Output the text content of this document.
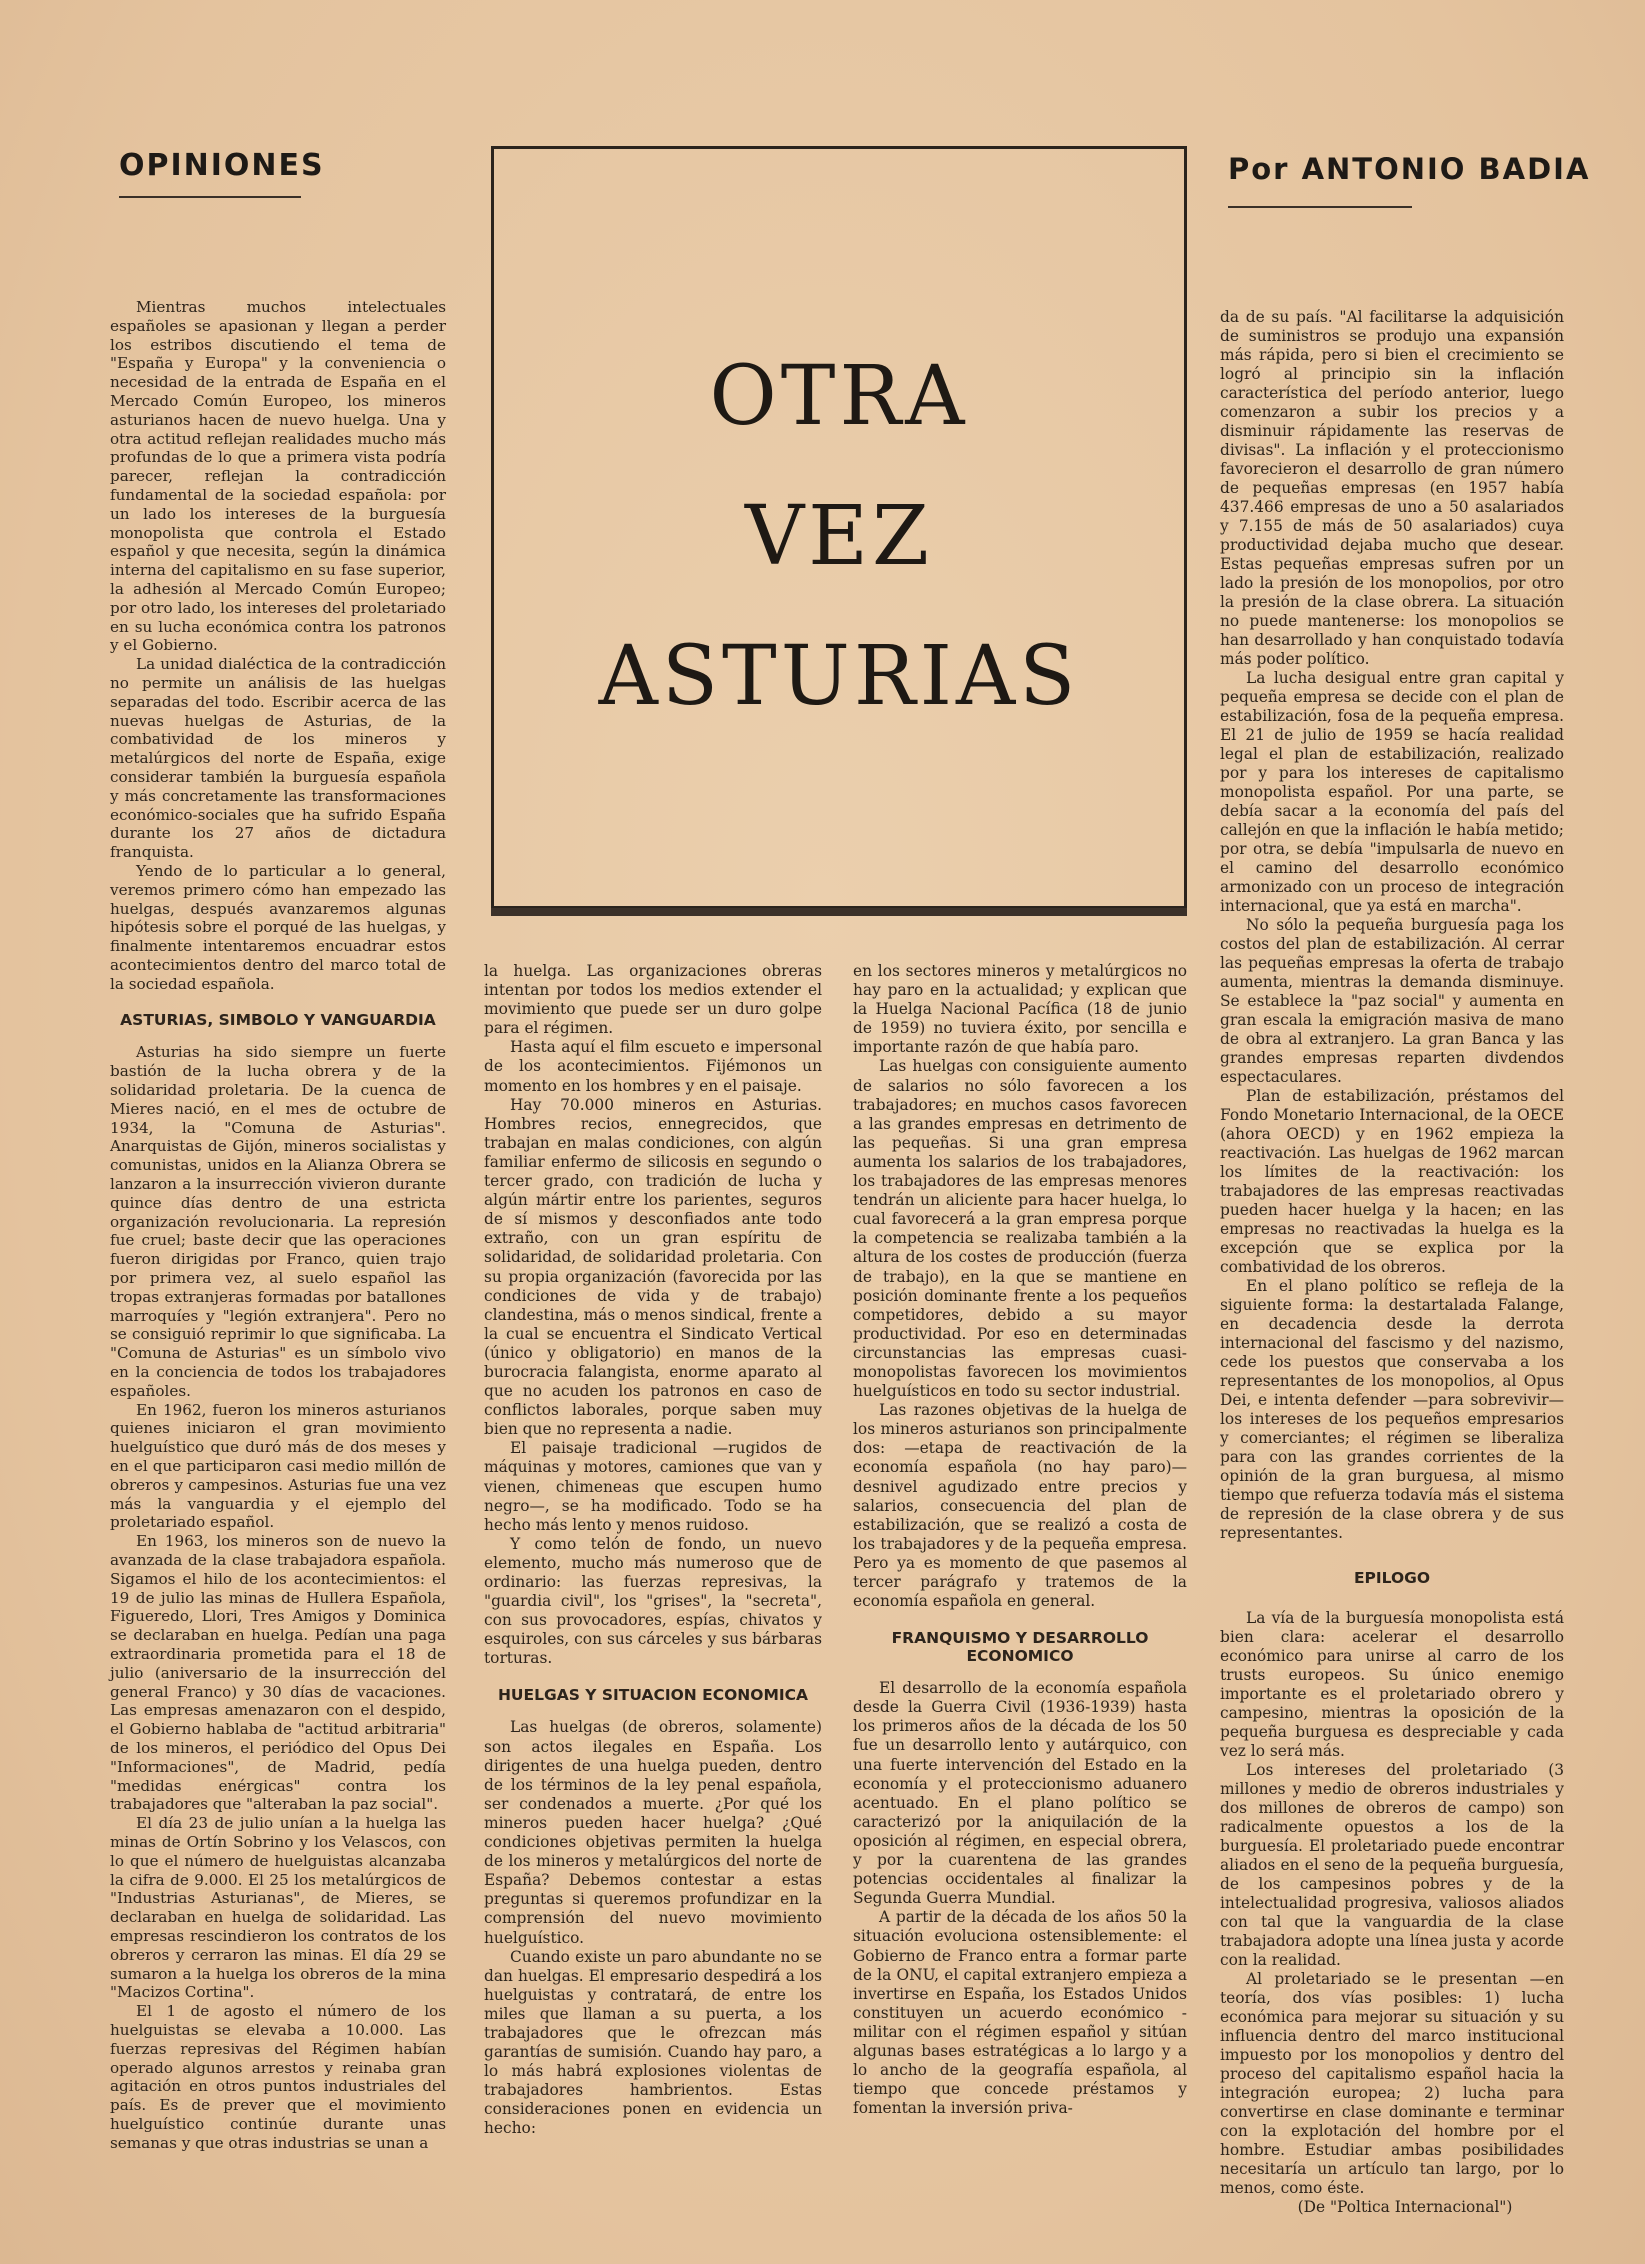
OPINIONES	Por ANTONIO BADIA
OTRA
VEZ
ASTURIAS

Mientras muchos intelectuales españoles se apasionan y llegan a perder los estribos discutiendo el tema de "España y Europa" y la conveniencia o necesidad de la entrada de España en el Mercado Común Europeo, los mineros asturianos hacen de nuevo huelga. Una y otra actitud reflejan realidades mucho más profundas de lo que a primera vista podría parecer, reflejan la contradicción fundamental de la sociedad española: por un lado los intereses de la burguesía monopolista que controla el Estado español y que necesita, según la dinámica interna del capitalismo en su fase superior, la adhesión al Mercado Común Europeo; por otro lado, los intereses del proletariado en su lucha económica contra los patronos y el Gobierno.

La unidad dialéctica de la contradicción no permite un análisis de las huelgas separadas del todo. Escribir acerca de las nuevas huelgas de Asturias, de la combatividad de los mineros y metalúrgicos del norte de España, exige considerar también la burguesía española y más concretamente las transformaciones económico-sociales que ha sufrido España durante los 27 años de dictadura franquista.

Yendo de lo particular a lo general, veremos primero cómo han empezado las huelgas, después avanzaremos algunas hipótesis sobre el porqué de las huelgas, y finalmente intentaremos encuadrar estos acontecimientos dentro del marco total de la sociedad española.

ASTURIAS, SIMBOLO Y VANGUARDIA

Asturias ha sido siempre un fuerte bastión de la lucha obrera y de la solidaridad proletaria. De la cuenca de Mieres nació, en el mes de octubre de 1934, la "Comuna de Asturias". Anarquistas de Gijón, mineros socialistas y comunistas, unidos en la Alianza Obrera se lanzaron a la insurrección vivieron durante quince días dentro de una estricta organización revolucionaria. La represión fue cruel; baste decir que las operaciones fueron dirigidas por Franco, quien trajo por primera vez, al suelo español las tropas extranjeras formadas por batallones marroquíes y "legión extranjera". Pero no se consiguió reprimir lo que significaba. La "Comuna de Asturias" es un símbolo vivo en la conciencia de todos los trabajadores españoles.

En 1962, fueron los mineros asturianos quienes iniciaron el gran movimiento huelguístico que duró más de dos meses y en el que participaron casi medio millón de obreros y campesinos. Asturias fue una vez más la vanguardia y el ejemplo del proletariado español.

En 1963, los mineros son de nuevo la avanzada de la clase trabajadora española. Sigamos el hilo de los acontecimientos: el 19 de julio las minas de Hullera Española, Figueredo, Llori, Tres Amigos y Dominica se declaraban en huelga. Pedían una paga extraordinaria prometida para el 18 de julio (aniversario de la insurrección del general Franco) y 30 días de vacaciones. Las empresas amenazaron con el despido, el Gobierno hablaba de "actitud arbitraria" de los mineros, el periódico del Opus Dei "Informaciones", de Madrid, pedía "medidas enérgicas" contra los trabajadores que "alteraban la paz social".

El día 23 de julio unían a la huelga las minas de Ortín Sobrino y los Velascos, con lo que el número de huelguistas alcanzaba la cifra de 9.000. El 25 los metalúrgicos de "Industrias Asturianas", de Mieres, se declaraban en huelga de solidaridad. Las empresas rescindieron los contratos de los obreros y cerraron las minas. El día 29 se sumaron a la huelga los obreros de la mina "Macizos Cortina".

El 1 de agosto el número de los huelguistas se elevaba a 10.000. Las fuerzas represivas del Régimen habían operado algunos arrestos y reinaba gran agitación en otros puntos industriales del país. Es de prever que el movimiento huelguístico continúe durante unas semanas y que otras industrias se unan a

la huelga. Las organizaciones obreras intentan por todos los medios extender el movimiento que puede ser un duro golpe para el régimen.

Hasta aquí el film escueto e impersonal de los acontecimientos. Fijémonos un momento en los hombres y en el paisaje.

Hay 70.000 mineros en Asturias. Hombres recios, ennegrecidos, que trabajan en malas condiciones, con algún familiar enfermo de silicosis en segundo o tercer grado, con tradición de lucha y algún mártir entre los parientes, seguros de sí mismos y desconfiados ante todo extraño, con un gran espíritu de solidaridad, de solidaridad proletaria. Con su propia organización (favorecida por las condiciones de vida y de trabajo) clandestina, más o menos sindical, frente a la cual se encuentra el Sindicato Vertical (único y obligatorio) en manos de la burocracia falangista, enorme aparato al que no acuden los patronos en caso de conflictos laborales, porque saben muy bien que no representa a nadie.

El paisaje tradicional —rugidos de máquinas y motores, camiones que van y vienen, chimeneas que escupen humo negro—, se ha modificado. Todo se ha hecho más lento y menos ruidoso.

Y como telón de fondo, un nuevo elemento, mucho más numeroso que de ordinario: las fuerzas represivas, la "guardia civil", los "grises", la "secreta", con sus provocadores, espías, chivatos y esquiroles, con sus cárceles y sus bárbaras torturas.

HUELGAS Y SITUACION ECONOMICA

Las huelgas (de obreros, solamente) son actos ilegales en España. Los dirigentes de una huelga pueden, dentro de los términos de la ley penal española, ser condenados a muerte. ¿Por qué los mineros pueden hacer huelga? ¿Qué condiciones objetivas permiten la huelga de los mineros y metalúrgicos del norte de España? Debemos contestar a estas preguntas si queremos profundizar en la comprensión del nuevo movimiento huelguístico.

Cuando existe un paro abundante no se dan huelgas. El empresario despedirá a los huelguistas y contratará, de entre los miles que llaman a su puerta, a los trabajadores que le ofrezcan más garantías de sumisión. Cuando hay paro, a lo más habrá explosiones violentas de trabajadores hambrientos. Estas consideraciones ponen en evidencia un hecho:

en los sectores mineros y metalúrgicos no hay paro en la actualidad; y explican que la Huelga Nacional Pacífica (18 de junio de 1959) no tuviera éxito, por sencilla e importante razón de que había paro.

Las huelgas con consiguiente aumento de salarios no sólo favorecen a los trabajadores; en muchos casos favorecen a las grandes empresas en detrimento de las pequeñas. Si una gran empresa aumenta los salarios de los trabajadores, los trabajadores de las empresas menores tendrán un aliciente para hacer huelga, lo cual favorecerá a la gran empresa porque la competencia se realizaba también a la altura de los costes de producción (fuerza de trabajo), en la que se mantiene en posición dominante frente a los pequeños competidores, debido a su mayor productividad. Por eso en determinadas circunstancias las empresas cuasi-monopolistas favorecen los movimientos huelguísticos en todo su sector industrial.

Las razones objetivas de la huelga de los mineros asturianos son principalmente dos: —etapa de reactivación de la economía española (no hay paro)— desnivel agudizado entre precios y salarios, consecuencia del plan de estabilización, que se realizó a costa de los trabajadores y de la pequeña empresa. Pero ya es momento de que pasemos al tercer parágrafo y tratemos de la economía española en general.

FRANQUISMO Y DESARROLLO ECONOMICO

El desarrollo de la economía española desde la Guerra Civil (1936-1939) hasta los primeros años de la década de los 50 fue un desarrollo lento y autárquico, con una fuerte intervención del Estado en la economía y el proteccionismo aduanero acentuado. En el plano político se caracterizó por la aniquilación de la oposición al régimen, en especial obrera, y por la cuarentena de las grandes potencias occidentales al finalizar la Segunda Guerra Mundial.

A partir de la década de los años 50 la situación evoluciona ostensiblemente: el Gobierno de Franco entra a formar parte de la ONU, el capital extranjero empieza a invertirse en España, los Estados Unidos constituyen un acuerdo económico - militar con el régimen español y sitúan algunas bases estratégicas a lo largo y a lo ancho de la geografía española, al tiempo que concede préstamos y fomentan la inversión priva-

da de su país. "Al facilitarse la adquisición de suministros se produjo una expansión más rápida, pero si bien el crecimiento se logró al principio sin la inflación característica del período anterior, luego comenzaron a subir los precios y a disminuir rápidamente las reservas de divisas". La inflación y el proteccionismo favorecieron el desarrollo de gran número de pequeñas empresas (en 1957 había 437.466 empresas de uno a 50 asalariados y 7.155 de más de 50 asalariados) cuya productividad dejaba mucho que desear. Estas pequeñas empresas sufren por un lado la presión de los monopolios, por otro la presión de la clase obrera. La situación no puede mantenerse: los monopolios se han desarrollado y han conquistado todavía más poder político.

La lucha desigual entre gran capital y pequeña empresa se decide con el plan de estabilización, fosa de la pequeña empresa. El 21 de julio de 1959 se hacía realidad legal el plan de estabilización, realizado por y para los intereses de capitalismo monopolista español. Por una parte, se debía sacar a la economía del país del callejón en que la inflación le había metido; por otra, se debía "impulsarla de nuevo en el camino del desarrollo económico armonizado con un proceso de integración internacional, que ya está en marcha".

No sólo la pequeña burguesía paga los costos del plan de estabilización. Al cerrar las pequeñas empresas la oferta de trabajo aumenta, mientras la demanda disminuye. Se establece la "paz social" y aumenta en gran escala la emigración masiva de mano de obra al extranjero. La gran Banca y las grandes empresas reparten divdendos espectaculares.

Plan de estabilización, préstamos del Fondo Monetario Internacional, de la OECE (ahora OECD) y en 1962 empieza la reactivación. Las huelgas de 1962 marcan los límites de la reactivación: los trabajadores de las empresas reactivadas pueden hacer huelga y la hacen; en las empresas no reactivadas la huelga es la excepción que se explica por la combatividad de los obreros.

En el plano político se refleja de la siguiente forma: la destartalada Falange, en decadencia desde la derrota internacional del fascismo y del nazismo, cede los puestos que conservaba a los representantes de los monopolios, al Opus Dei, e intenta defender —para sobrevivir— los intereses de los pequeños empresarios y comerciantes; el régimen se liberaliza para con las grandes corrientes de la opinión de la gran burguesa, al mismo tiempo que refuerza todavía más el sistema de represión de la clase obrera y de sus representantes.

EPILOGO

La vía de la burguesía monopolista está bien clara: acelerar el desarrollo económico para unirse al carro de los trusts europeos. Su único enemigo importante es el proletariado obrero y campesino, mientras la oposición de la pequeña burguesa es despreciable y cada vez lo será más.

Los intereses del proletariado (3 millones y medio de obreros industriales y dos millones de obreros de campo) son radicalmente opuestos a los de la burguesía. El proletariado puede encontrar aliados en el seno de la pequeña burguesía, de los campesinos pobres y de la intelectualidad progresiva, valiosos aliados con tal que la vanguardia de la clase trabajadora adopte una línea justa y acorde con la realidad.

Al proletariado se le presentan —en teoría, dos vías posibles: 1) lucha económica para mejorar su situación y su influencia dentro del marco institucional impuesto por los monopolios y dentro del proceso del capitalismo español hacia la integración europea; 2) lucha para convertirse en clase dominante e terminar con la explotación del hombre por el hombre. Estudiar ambas posibilidades necesitaría un artículo tan largo, por lo menos, como éste.

(De "Poltica Internacional")
